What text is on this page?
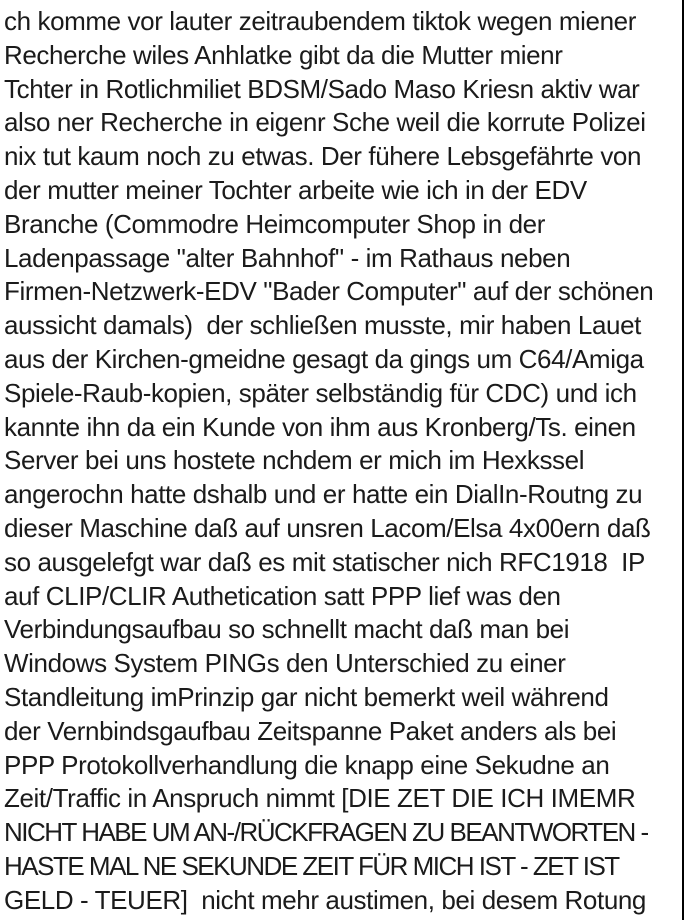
ch komme vor lauter zeitraubendem tiktok wegen miener
Recherche wiles Anhlatke gibt da die Mutter mienr
Tchter in Rotlichmiliet BDSM/Sado Maso Kriesn aktiv war
also ner Recherche in eigenr Sche weil die korrute Polizei
nix tut kaum noch zu etwas. Der fühere Lebsgefährte von
der mutter meiner Tochter arbeite wie ich in der EDV
Branche (Commodre Heimcomputer Shop in der
Ladenpassage "alter Bahnhof" - im Rathaus neben
Firmen-Netzwerk-EDV "Bader Computer" auf der schönen
aussicht damals)  der schließen musste, mir haben Lauet
aus der Kirchen-gmeidne gesagt da gings um C64/Amiga
Spiele-Raub-kopien, später selbständig für CDC) und ich
kannte ihn da ein Kunde von ihm aus Kronberg/Ts. einen
Server bei uns hostete nchdem er mich im Hexkssel
angerochn hatte dshalb und er hatte ein DialIn-Routng zu
dieser Maschine daß auf unsren Lacom/Elsa 4x00ern daß
so ausgelefgt war daß es mit statischer nich RFC1918  IP
auf CLIP/CLIR Authetication satt PPP lief was den
Verbindungsaufbau so schnellt macht daß man bei
Windows System PINGs den Unterschied zu einer
Standleitung imPrinzip gar nicht bemerkt weil während
der Vernbindsgaufbau Zeitspanne Paket anders als bei
PPP Protokollverhandlung die knapp eine Sekudne an
Zeit/Traffic in Anspruch nimmt [DIE ZET DIE ICH IMEMR
NICHT HABE UM AN-/RÜCKFRAGEN ZU BEANTWORTEN -
HASTE MAL NE SEKUNDE ZEIT FÜR MICH IST - ZET IST
GELD - TEUER]  nicht mehr austimen, bei desem Rotung
